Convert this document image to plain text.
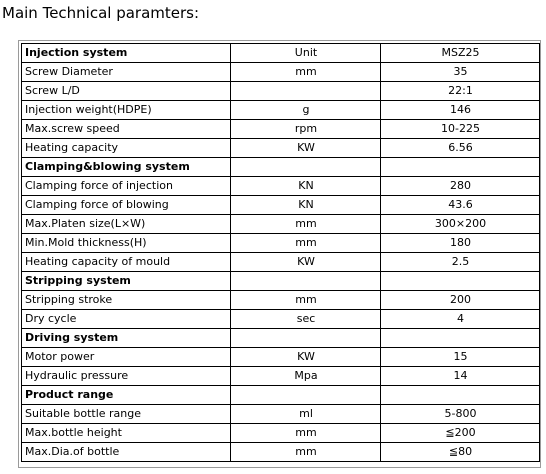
Main Technical paramters:
Injection system	Unit	MSZ25
Screw Diameter	mm	35
Screw L/D		22:1
Injection weight(HDPE)	g	146
Max.screw speed	rpm	10-225
Heating capacity	KW	6.56
Clamping&blowing system		
Clamping force of injection	KN	280
Clamping force of blowing	KN	43.6
Max.Platen size(L×W)	mm	300×200
Min.Mold thickness(H)	mm	180
Heating capacity of mould	KW	2.5
Stripping system		
Stripping stroke	mm	200
Dry cycle	sec	4
Driving system		
Motor power	KW	15
Hydraulic pressure	Mpa	14
Product range		
Suitable bottle range	ml	5-800
Max.bottle height	mm	≦200
Max.Dia.of bottle	mm	≦80
